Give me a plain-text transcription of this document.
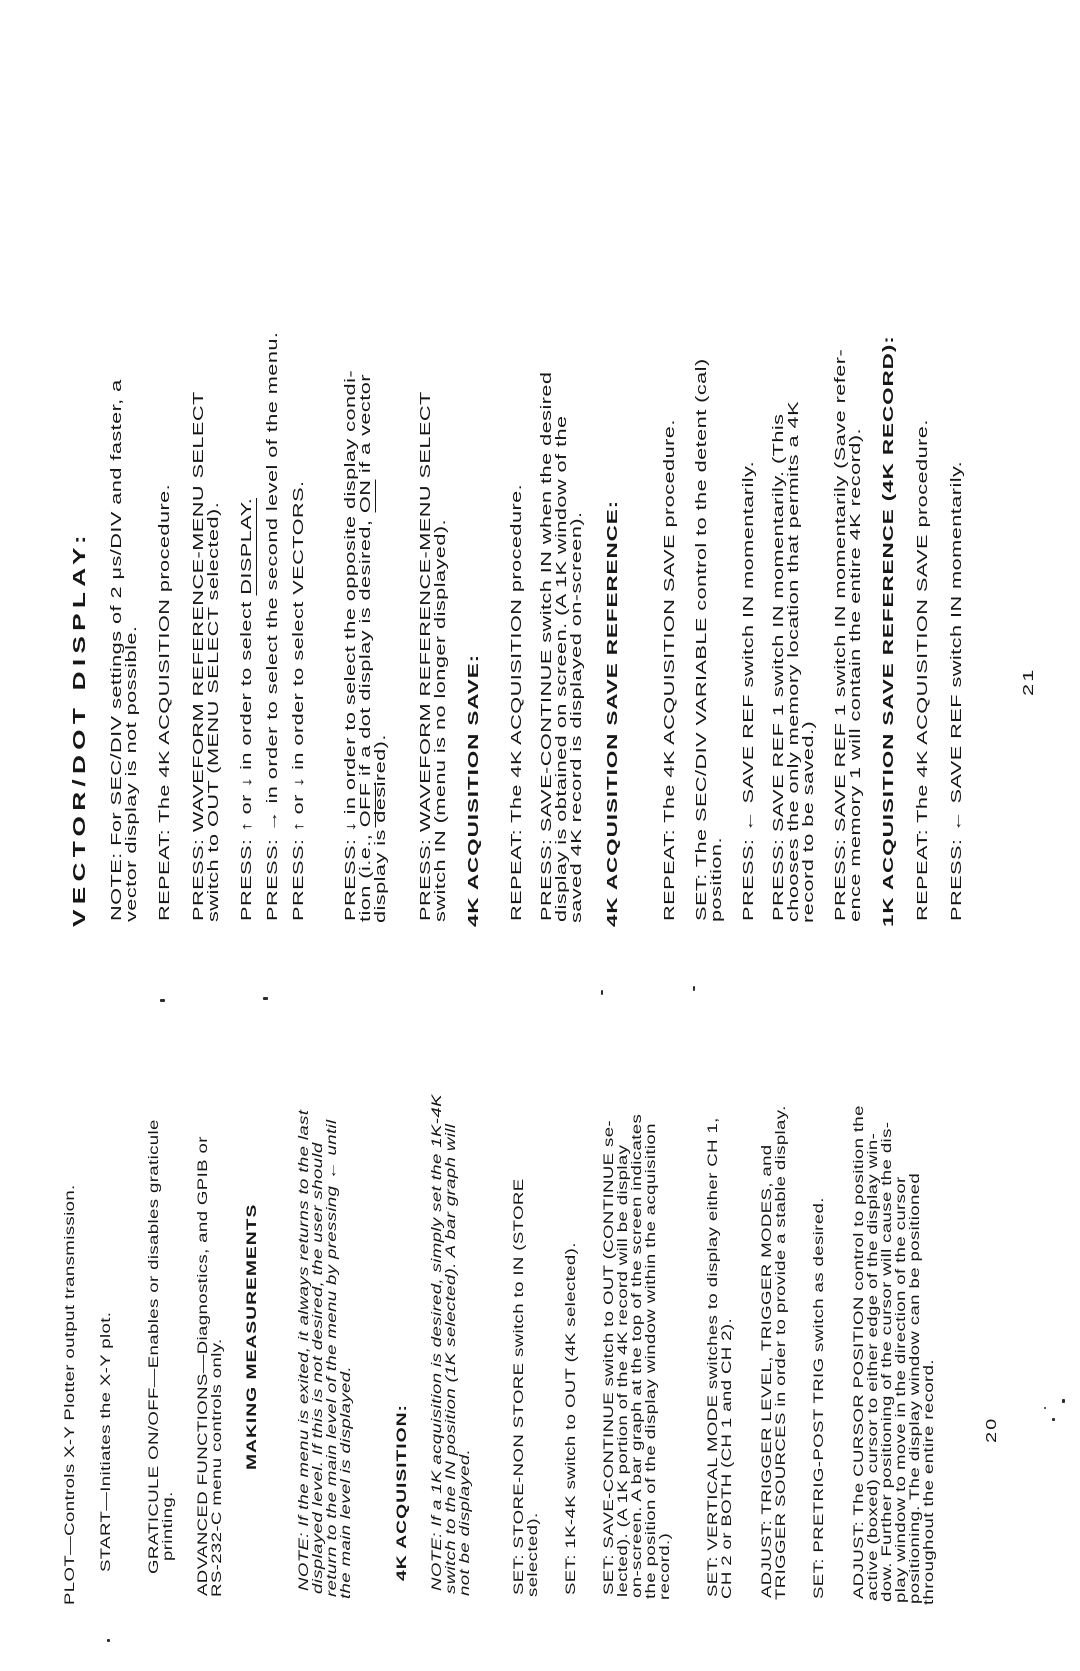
PLOT—Controls X-Y Plotter output transmission. START—Initiates the X-Y plot. GRATICULE ON/OFF—Enables or disables graticule printing. ADVANCED FUNCTIONS—Diagnostics, and GPIB or RS-232-C menu controls only. MAKING MEASUREMENTS	NOTE: If the menu is exited, it always returns to the last displayed level. If this is not desired, the user should return to the main level of the menu by pressing ← until the main level is displayed.	4K ACQUISITION: NOTE: If a 1K acquisition is desired, simply set the 1K-4K switch to the IN position (1K selected). A bar graph will not be displayed.	SET: STORE-NON STORE switch to IN (STORE selected). SET: 1K-4K switch to OUT (4K selected). SET: SAVE-CONTINUE switch to OUT (CONTINUE se- lected). (A 1K portion of the 4K record will be display on-screen. A bar graph at the top of the screen indicates the position of the display window within the acquisition record.) SET: VERTICAL MODE switches to display either CH 1, CH 2 or BOTH (CH 1 and CH 2). ADJUST: TRIGGER LEVEL, TRIGGER MODES, and TRIGGER SOURCES in order to provide a stable display. SET: PRETRIG-POST TRIG switch as desired. ADJUST: The CURSOR POSITION control to position the active (boxed) cursor to either edge of the display win- dow. Further positioning of the cursor will cause the dis- play window to move in the direction of the cursor positioning. The display window can be positioned throughout the entire record.	20
VECTOR/DOT DISPLAY: NOTE: For SEC/DIV settings of 2 μs/DIV and faster, a vector display is not possible. REPEAT: The 4K ACQUISITION procedure. PRESS: WAVEFORM REFERENCE-MENU SELECT switch to OUT (MENU SELECT selected). PRESS: ↑ or ↓ in order to select DISPLAY. PRESS: → in order to select the second level of the menu. PRESS: ↑ or ↓ in order to select VECTORS. PRESS: ↓ in order to select the opposite display condi- tion (i.e., OFF if a dot display is desired, ON if a vector
display is desired). PRESS: WAVEFORM REFERENCE-MENU SELECT switch IN (menu is no longer displayed). 4K ACQUISITION SAVE: REPEAT: The 4K ACQUISITION procedure. PRESS: SAVE-CONTINUE switch IN when the desired display is obtained on screen. (A 1K window of the saved 4K record is displayed on-screen). 4K ACQUISITION SAVE REFERENCE:	REPEAT: The 4K ACQUISITION SAVE procedure. SET: The SEC/DIV VARIABLE control to the detent (cal) position. PRESS: ← SAVE REF switch IN momentarily. PRESS: SAVE REF 1 switch IN momentarily. (This chooses the only memory location that permits a 4K record to be saved.) PRESS: SAVE REF 1 switch IN momentarily (Save refer- ence memory 1 will contain the entire 4K record). 1K ACQUISITION SAVE REFERENCE (4K RECORD): REPEAT: The 4K ACQUISITION SAVE procedure. PRESS: ← SAVE REF switch IN momentarily.	21
